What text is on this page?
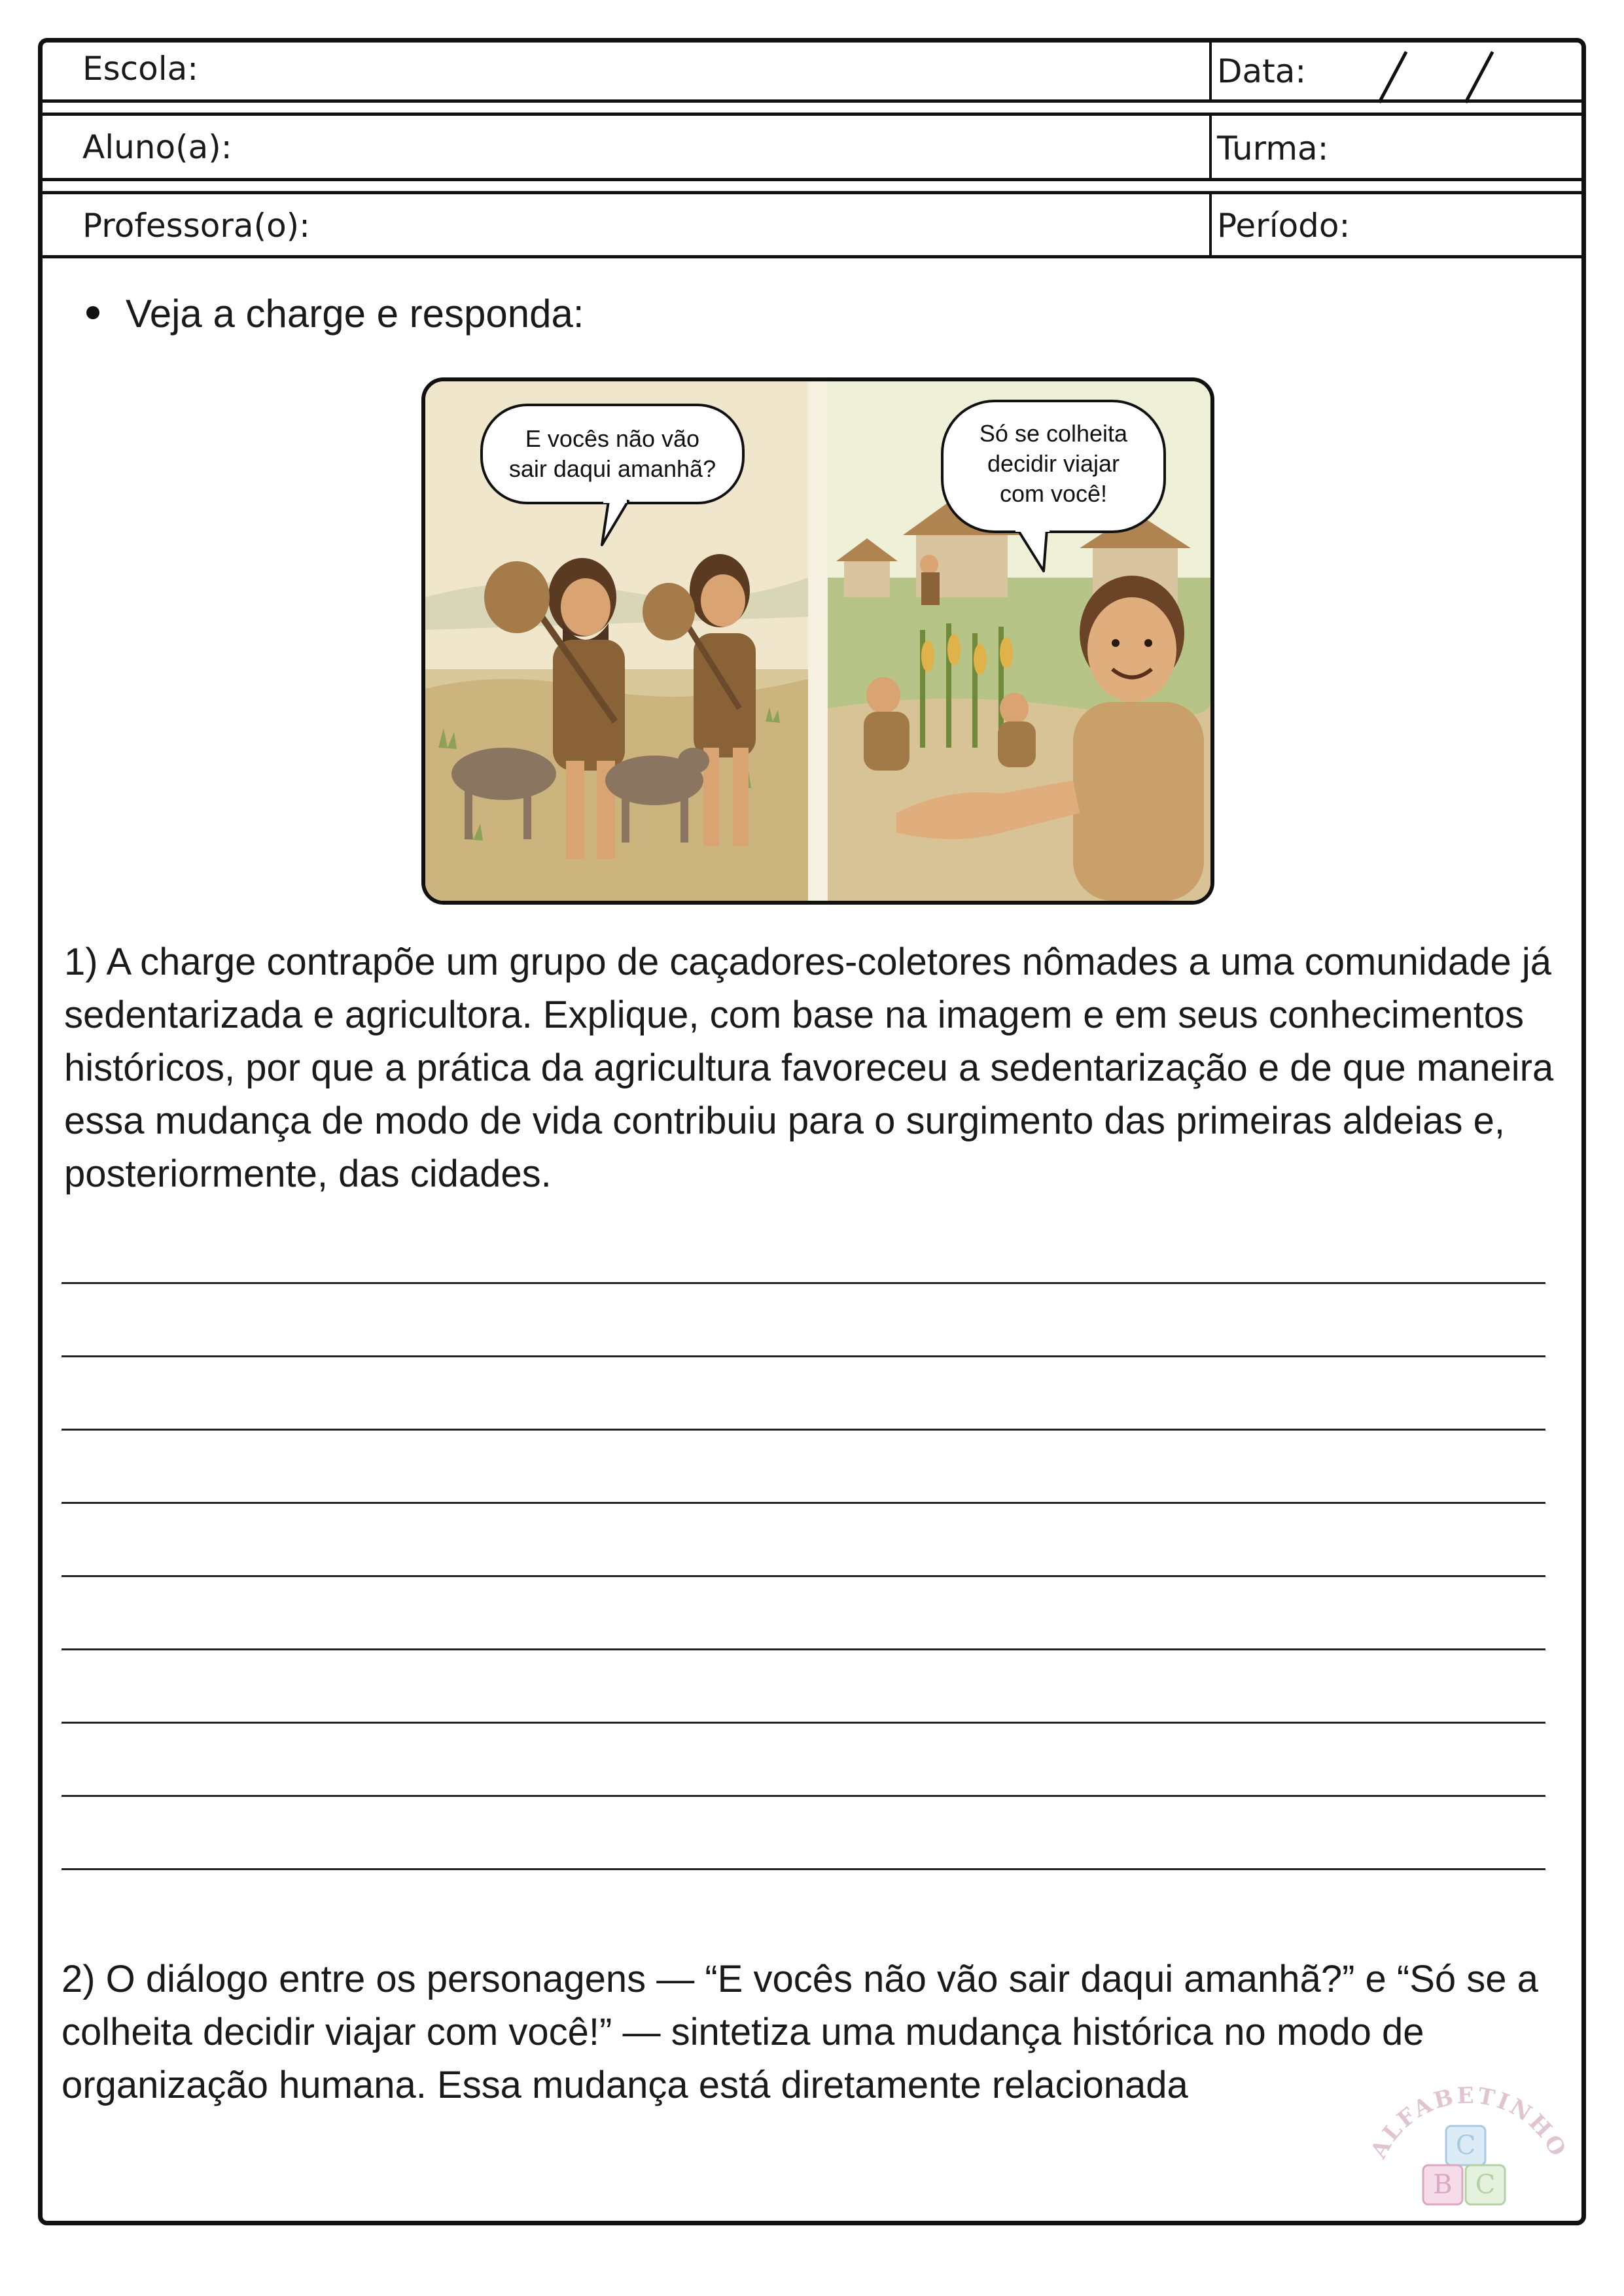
Escola:	Data:
Aluno(a):	Turma:
Professora(o):	Período:
Veja a charge e responda:
E vocês não vão
sair daqui amanhã?
Só se colheita
decidir viajar
com você!
1) A charge contrapõe um grupo de caçadores-coletores nômades a uma comunidade já sedentarizada e agricultora. Explique, com base na imagem e em seus conhecimentos históricos, por que a prática da agricultura favoreceu a sedentarização e de que maneira essa mudança de modo de vida contribuiu para o surgimento das primeiras aldeias e, posteriormente, das cidades.
2) O diálogo entre os personagens — “E vocês não vão sair daqui amanhã?” e “Só se a colheita decidir viajar com você!” — sintetiza uma mudança histórica no modo de organização humana. Essa mudança está diretamente relacionada
ALFABETINHO
C
B C
